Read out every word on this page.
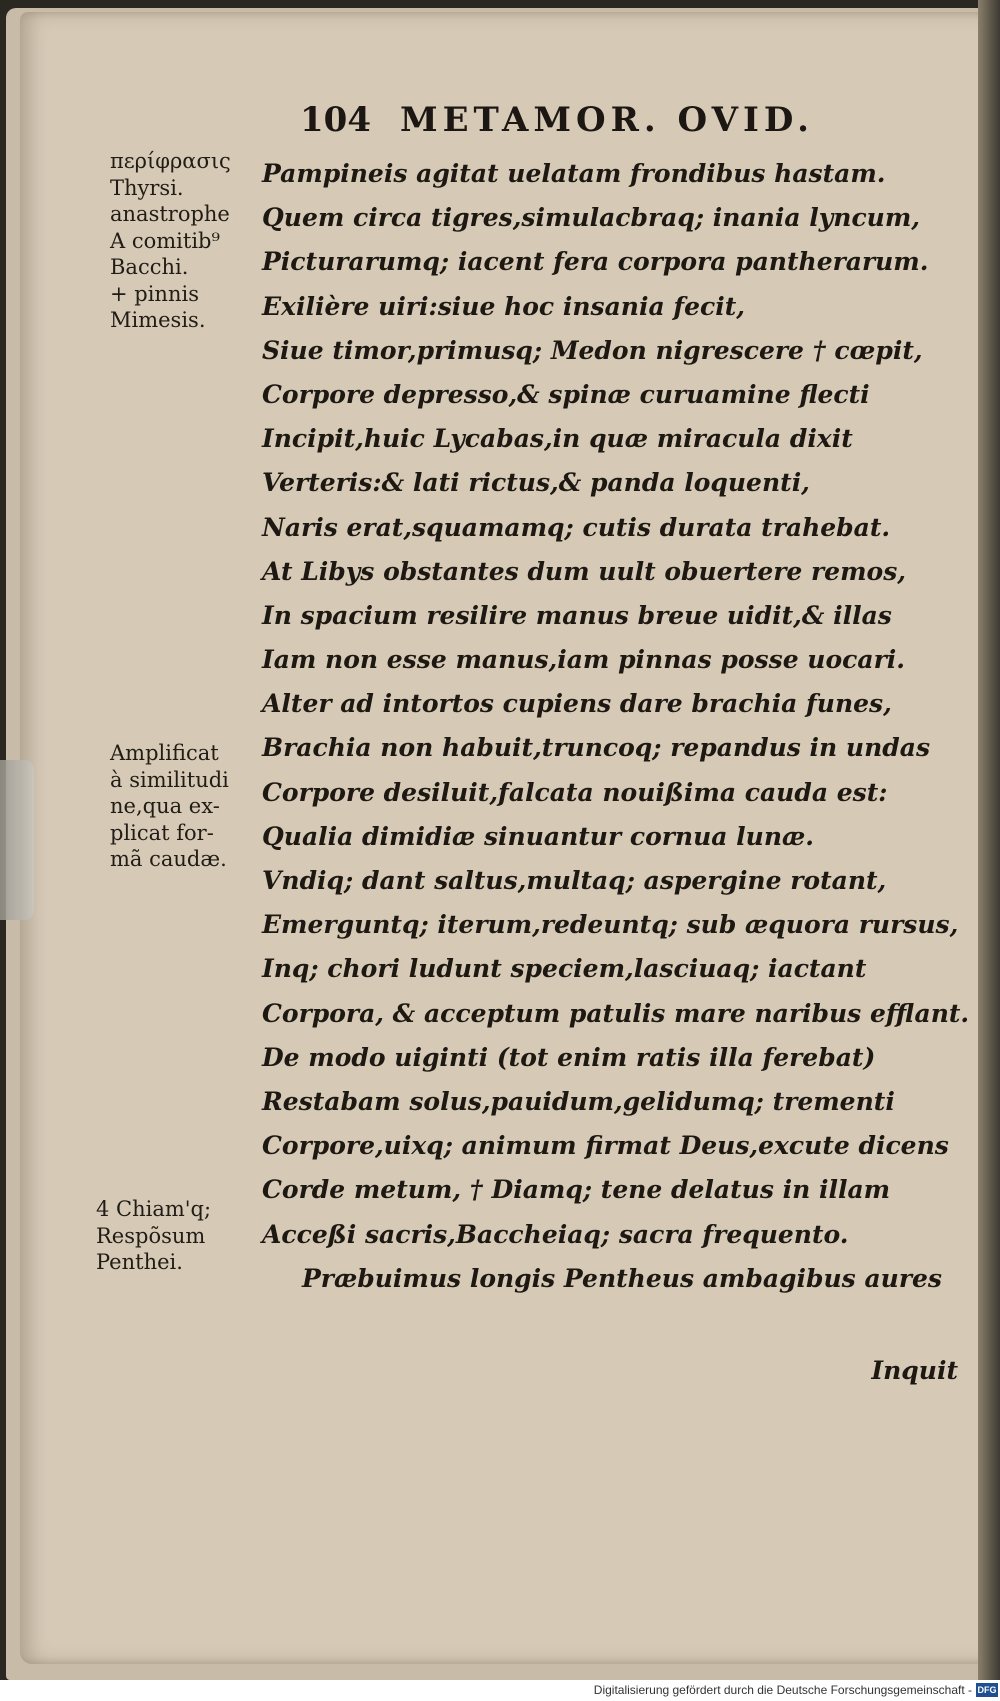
104 METAMOR. OVID.
περίφρασις
Thyrsi.
anastrophe
A comitib⁹
Bacchi.
+ pinnis
Mimesis.
Amplificat
à similitudi
ne,qua ex-
plicat for-
mã caudæ.
4 Chiam'q;
Respõsum
Penthei.
Pampineis agitat uelatam frondibus hastam.
Quem circa tigres,simulacbraq; inania lyncum,
Picturarumq; iacent fera corpora pantherarum.
Exilière uiri:siue hoc insania fecit,
Siue timor,primusq; Medon nigrescere † cœpit,
Corpore depresso,& spinæ curuamine flecti
Incipit,huic Lycabas,in quæ miracula dixit
Verteris:& lati rictus,& panda loquenti,
Naris erat,squamamq; cutis durata trahebat.
At Libys obstantes dum uult obuertere remos,
In spacium resilire manus breue uidit,& illas
Iam non esse manus,iam pinnas posse uocari.
Alter ad intortos cupiens dare brachia funes,
Brachia non habuit,truncoq; repandus in undas
Corpore desiluit,falcata nouißima cauda est:
Qualia dimidiæ sinuantur cornua lunæ.
Vndiq; dant saltus,multaq; aspergine rotant,
Emerguntq; iterum,redeuntq; sub æquora rursus,
Inq; chori ludunt speciem,lasciuaq; iactant
Corpora, & acceptum patulis mare naribus efflant.
De modo uiginti (tot enim ratis illa ferebat)
Restabam solus,pauidum,gelidumq; trementi
Corpore,uixq; animum firmat Deus,excute dicens
Corde metum, † Diamq; tene delatus in illam
Acceßi sacris,Baccheiaq; sacra frequento.
Præbuimus longis Pentheus ambagibus aures
Inquit
Digitalisierung gefördert durch die Deutsche Forschungsgemeinschaft - DFG
